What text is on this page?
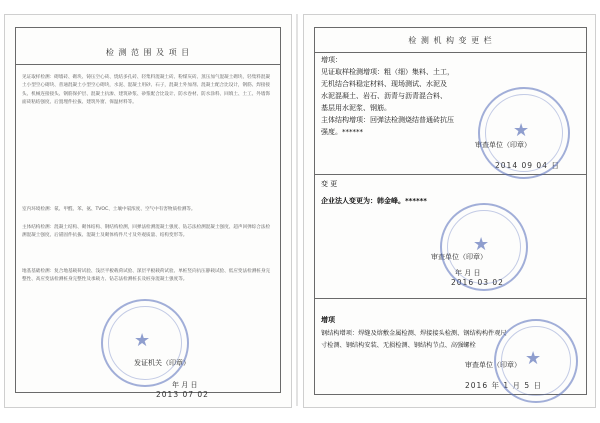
检 测 范 围 及 项 目
见证取样检测：砌墙砖、砌块、铸压空心砖、烧结多孔砖、轻集料混凝土砖、粉煤灰砖、蒸压加气混凝土砌块、轻集料混凝土小型空心砌块、普通混凝土小型空心砌块，水泥、混凝土用砂、石子，混凝土外加剂、混凝土配合比设计，钢筋、焊接接头、机械连接接头、钢筋保护层、混凝土抗渗、建筑砂浆、砂浆配合比设计、防水卷材、防水涂料、回填土、土工、外墙饰面砖粘结强度、后置埋件拉拔、建筑外窗、保温材料等。
室内环境检测：氡、甲醛、苯、氨、TVOC、土壤中氡浓度、空气中有害物质检测等。
主体结构检测：混凝土结构、砌体结构、钢结构检测，回弹法检测混凝土强度、钻芯法检测混凝土强度、超声回弹综合法检测混凝土强度、后锚固件抗拔、混凝土及砌体构件尺寸及外观质量、结构变形等。
地基基础检测：复合地基载荷试验、浅层平板载荷试验、深层平板载荷试验、单桩竖向抗压静载试验、低应变法检测桩身完整性、高应变法检测桩身完整性及承载力、钻芯法检测桩长及桩身混凝土强度等。
发证机关（印章）
年 月 日
2013 07 02
★
检 测 机 构 变 更 栏
增项：
见证取样检测增项：粗（细）集料、土工，
无机结合料稳定材料、现场测试、水泥及
水泥混凝土、岩石、沥青与沥青混合料、
基层用水泥浆、钢筋。
主体结构增项：回弹法检测烧结普通砖抗压
强度。******
审查单位（印章）
2014 09 04 日
变 更
企业法人变更为：韩金峰。******
审查单位（印章）
年 月 日
2016 03 02
增项
钢结构增项：焊缝及熔敷金属检测、焊接接头检测、钢结构构件观尺
寸检测、钢结构安装、无损检测、钢结构节点、高强螺栓
审查单位（印章）
2016 年 1 月 5 日
★
★
★
